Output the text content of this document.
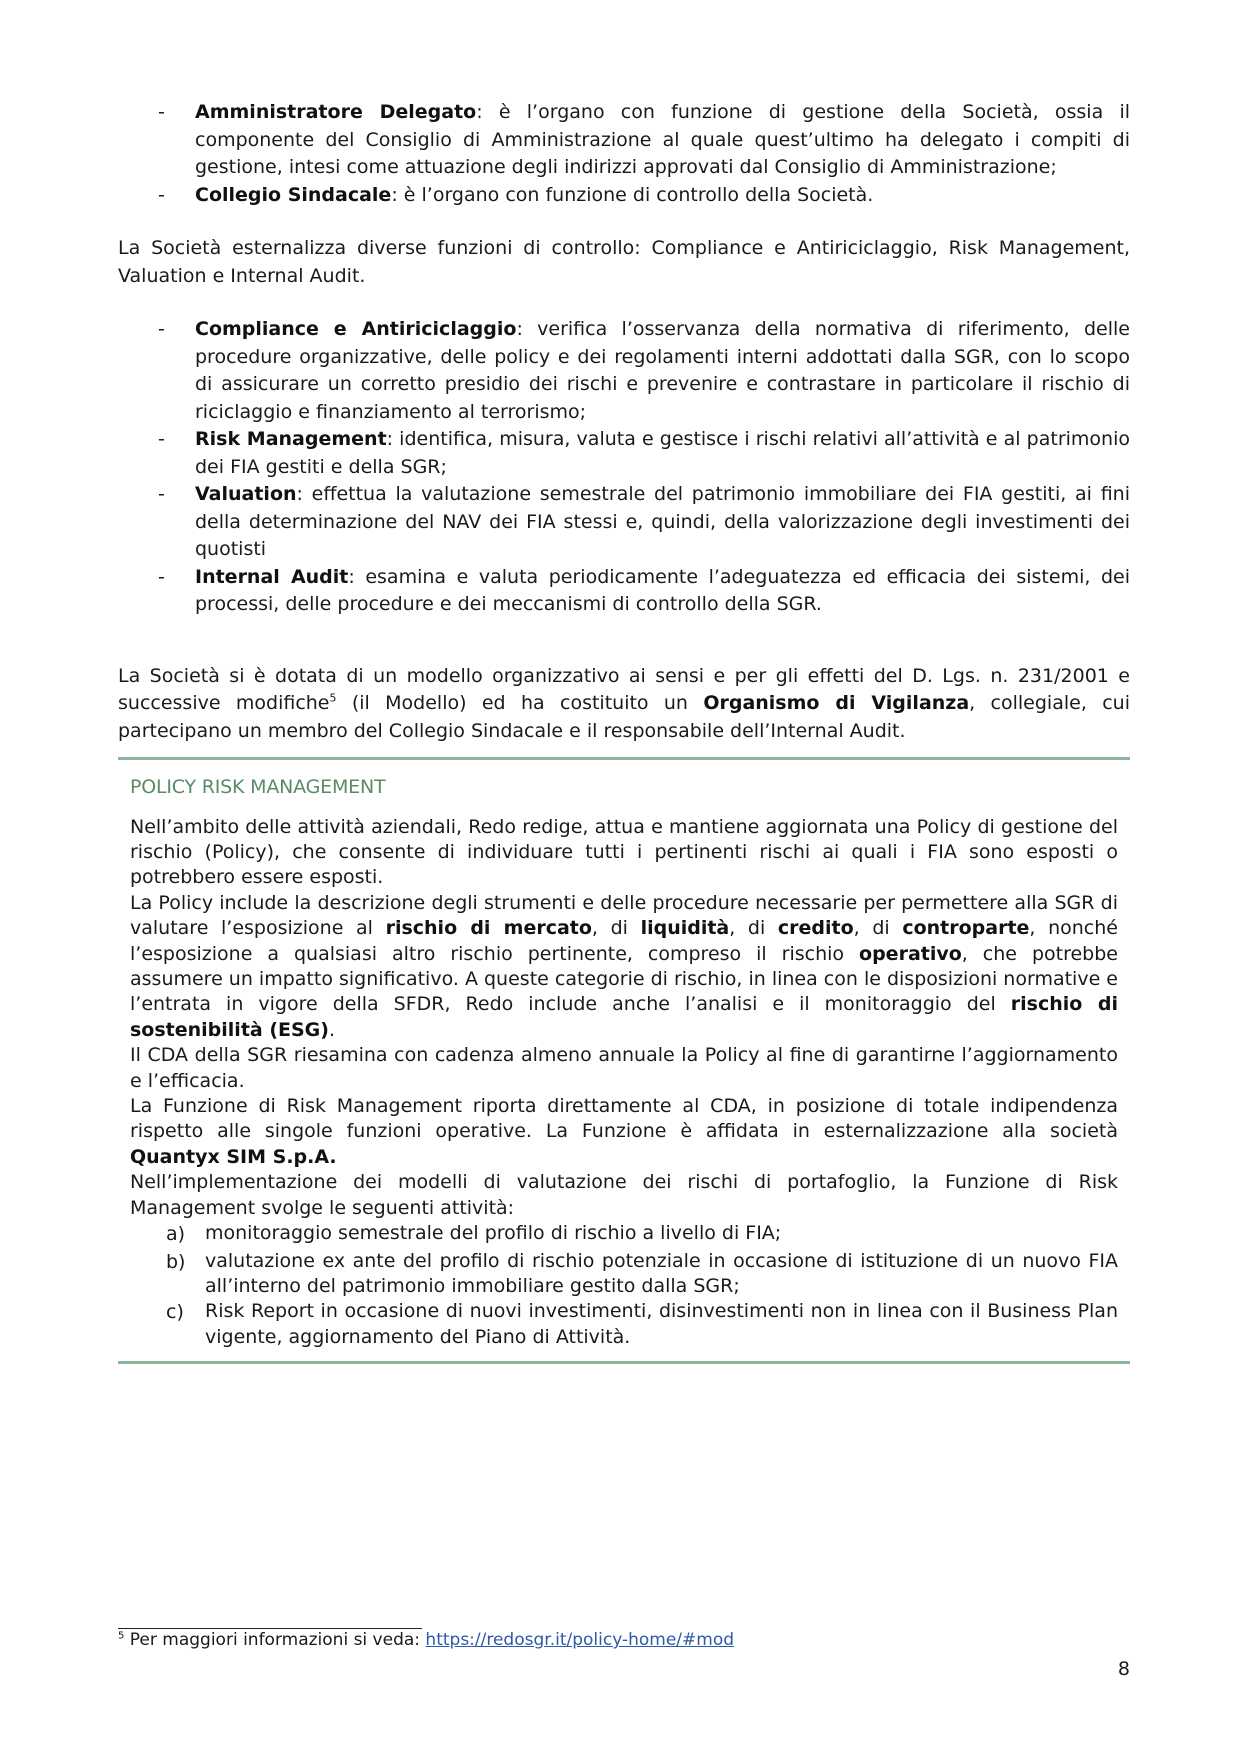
-	Amministratore Delegato: è l’organo con funzione di gestione della Società, ossia il componente del Consiglio di Amministrazione al quale quest’ultimo ha delegato i compiti di gestione, intesi come attuazione degli indirizzi approvati dal Consiglio di Amministrazione;
-	Collegio Sindacale: è l’organo con funzione di controllo della Società.

La Società esternalizza diverse funzioni di controllo: Compliance e Antiriciclaggio, Risk Management, Valuation e Internal Audit.

-	Compliance e Antiriciclaggio: verifica l’osservanza della normativa di riferimento, delle procedure organizzative, delle policy e dei regolamenti interni addottati dalla SGR, con lo scopo di assicurare un corretto presidio dei rischi e prevenire e contrastare in particolare il rischio di riciclaggio e finanziamento al terrorismo;
-	Risk Management: identifica, misura, valuta e gestisce i rischi relativi all’attività e al patrimonio dei FIA gestiti e della SGR;
-	Valuation: effettua la valutazione semestrale del patrimonio immobiliare dei FIA gestiti, ai fini della determinazione del NAV dei FIA stessi e, quindi, della valorizzazione degli investimenti dei quotisti
-	Internal Audit: esamina e valuta periodicamente l’adeguatezza ed efficacia dei sistemi, dei processi, delle procedure e dei meccanismi di controllo della SGR.

La Società si è dotata di un modello organizzativo ai sensi e per gli effetti del D. Lgs. n. 231/2001 e successive modifiche$^5$ (il Modello) ed ha costituito un Organismo di Vigilanza, collegiale, cui partecipano un membro del Collegio Sindacale e il responsabile dell’Internal Audit.

POLICY RISK MANAGEMENT

Nell’ambito delle attività aziendali, Redo redige, attua e mantiene aggiornata una Policy di gestione del rischio (Policy), che consente di individuare tutti i pertinenti rischi ai quali i FIA sono esposti o potrebbero essere esposti.

La Policy include la descrizione degli strumenti e delle procedure necessarie per permettere alla SGR di valutare l’esposizione al rischio di mercato, di liquidità, di credito, di controparte, nonché l’esposizione a qualsiasi altro rischio pertinente, compreso il rischio operativo, che potrebbe assumere un impatto significativo. A queste categorie di rischio, in linea con le disposizioni normative e l’entrata in vigore della SFDR, Redo include anche l’analisi e il monitoraggio del rischio di sostenibilità (ESG).

Il CDA della SGR riesamina con cadenza almeno annuale la Policy al fine di garantirne l’aggiornamento e l’efficacia.

La Funzione di Risk Management riporta direttamente al CDA, in posizione di totale indipendenza rispetto alle singole funzioni operative. La Funzione è affidata in esternalizzazione alla società Quantyx SIM S.p.A.

Nell’implementazione dei modelli di valutazione dei rischi di portafoglio, la Funzione di Risk Management svolge le seguenti attività:

a)	monitoraggio semestrale del profilo di rischio a livello di FIA;
b)	valutazione ex ante del profilo di rischio potenziale in occasione di istituzione di un nuovo FIA all’interno del patrimonio immobiliare gestito dalla SGR;
c)	Risk Report in occasione di nuovi investimenti, disinvestimenti non in linea con il Business Plan vigente, aggiornamento del Piano di Attività.
$^5$ Per maggiori informazioni si veda: https://redosgr.it/policy-home/#mod
8
